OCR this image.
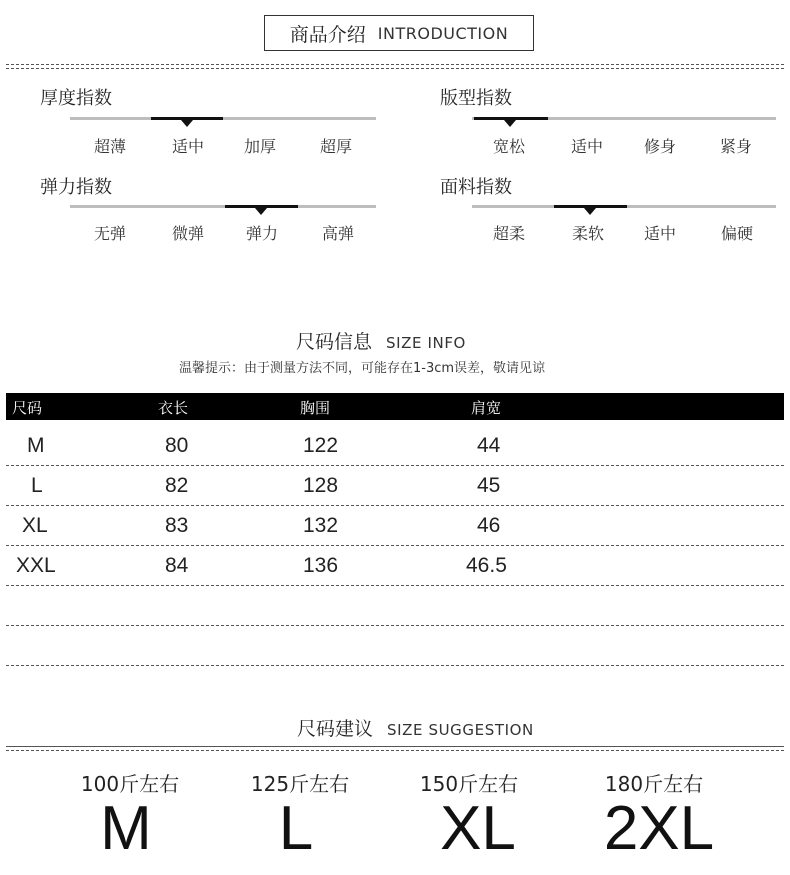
商品介绍 INTRODUCTION
厚度指数
超薄	适中	加厚	超厚
版型指数
宽松	适中	修身	紧身
弹力指数
无弹	微弹	弹力	高弹
面料指数
超柔	柔软	适中	偏硬
尺码信息 SIZE INFO
温馨提示：由于测量方法不同，可能存在1-3cm误差，敬请见谅
尺码	衣长	胸围	肩宽
M	80	122	44
L	82	128	45
XL	83	132	46
XXL	84	136	46.5
尺码建议 SIZE SUGGESTION
100斤左右	125斤左右	150斤左右	180斤左右
M	L	XL	2XL
